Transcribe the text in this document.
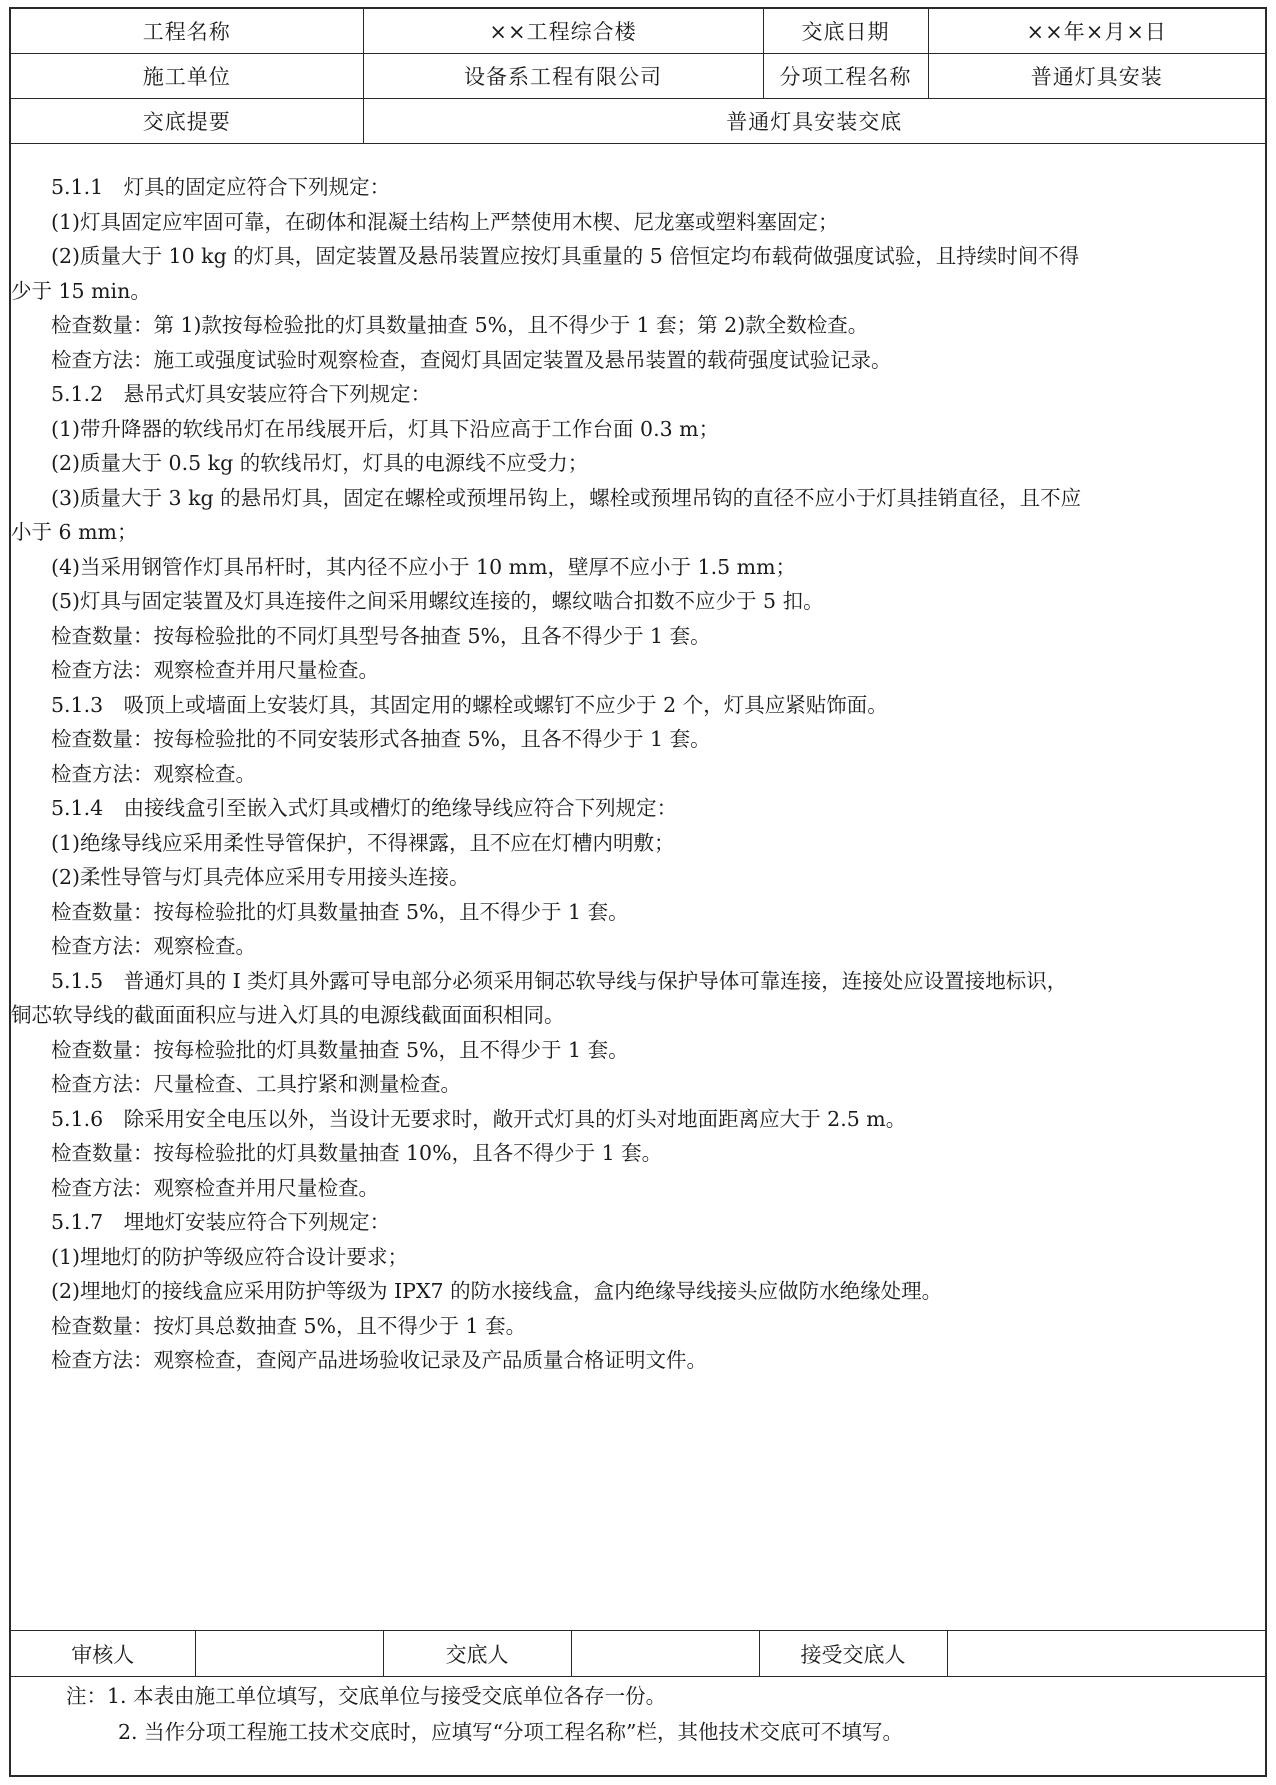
工程名称	××工程综合楼	交底日期	××年×月×日
施工单位	设备系工程有限公司	分项工程名称	普通灯具安装
交底提要	普通灯具安装交底		
5.1.1　灯具的固定应符合下列规定：
(1)灯具固定应牢固可靠，在砌体和混凝土结构上严禁使用木楔、尼龙塞或塑料塞固定；
(2)质量大于 10 kg 的灯具，固定装置及悬吊装置应按灯具重量的 5 倍恒定均布载荷做强度试验，且持续时间不得
少于 15 min。
检查数量：第 1)款按每检验批的灯具数量抽查 5%，且不得少于 1 套；第 2)款全数检查。
检查方法：施工或强度试验时观察检查，查阅灯具固定装置及悬吊装置的载荷强度试验记录。
5.1.2　悬吊式灯具安装应符合下列规定：
(1)带升降器的软线吊灯在吊线展开后，灯具下沿应高于工作台面 0.3 m；
(2)质量大于 0.5 kg 的软线吊灯，灯具的电源线不应受力；
(3)质量大于 3 kg 的悬吊灯具，固定在螺栓或预埋吊钩上，螺栓或预埋吊钩的直径不应小于灯具挂销直径，且不应
小于 6 mm；
(4)当采用钢管作灯具吊杆时，其内径不应小于 10 mm，壁厚不应小于 1.5 mm；
(5)灯具与固定装置及灯具连接件之间采用螺纹连接的，螺纹啮合扣数不应少于 5 扣。
检查数量：按每检验批的不同灯具型号各抽查 5%，且各不得少于 1 套。
检查方法：观察检查并用尺量检查。
5.1.3　吸顶上或墙面上安装灯具，其固定用的螺栓或螺钉不应少于 2 个，灯具应紧贴饰面。
检查数量：按每检验批的不同安装形式各抽查 5%，且各不得少于 1 套。
检查方法：观察检查。
5.1.4　由接线盒引至嵌入式灯具或槽灯的绝缘导线应符合下列规定：
(1)绝缘导线应采用柔性导管保护，不得裸露，且不应在灯槽内明敷；
(2)柔性导管与灯具壳体应采用专用接头连接。
检查数量：按每检验批的灯具数量抽查 5%，且不得少于 1 套。
检查方法：观察检查。
5.1.5　普通灯具的 I 类灯具外露可导电部分必须采用铜芯软导线与保护导体可靠连接，连接处应设置接地标识，
铜芯软导线的截面面积应与进入灯具的电源线截面面积相同。
检查数量：按每检验批的灯具数量抽查 5%，且不得少于 1 套。
检查方法：尺量检查、工具拧紧和测量检查。
5.1.6　除采用安全电压以外，当设计无要求时，敞开式灯具的灯头对地面距离应大于 2.5 m。
检查数量：按每检验批的灯具数量抽查 10%，且各不得少于 1 套。
检查方法：观察检查并用尺量检查。
5.1.7　埋地灯安装应符合下列规定：
(1)埋地灯的防护等级应符合设计要求；
(2)埋地灯的接线盒应采用防护等级为 IPX7 的防水接线盒，盒内绝缘导线接头应做防水绝缘处理。
检查数量：按灯具总数抽查 5%，且不得少于 1 套。
检查方法：观察检查，查阅产品进场验收记录及产品质量合格证明文件。
审核人		交底人		接受交底人	
注：1. 本表由施工单位填写，交底单位与接受交底单位各存一份。
2. 当作分项工程施工技术交底时，应填写“分项工程名称”栏，其他技术交底可不填写。
